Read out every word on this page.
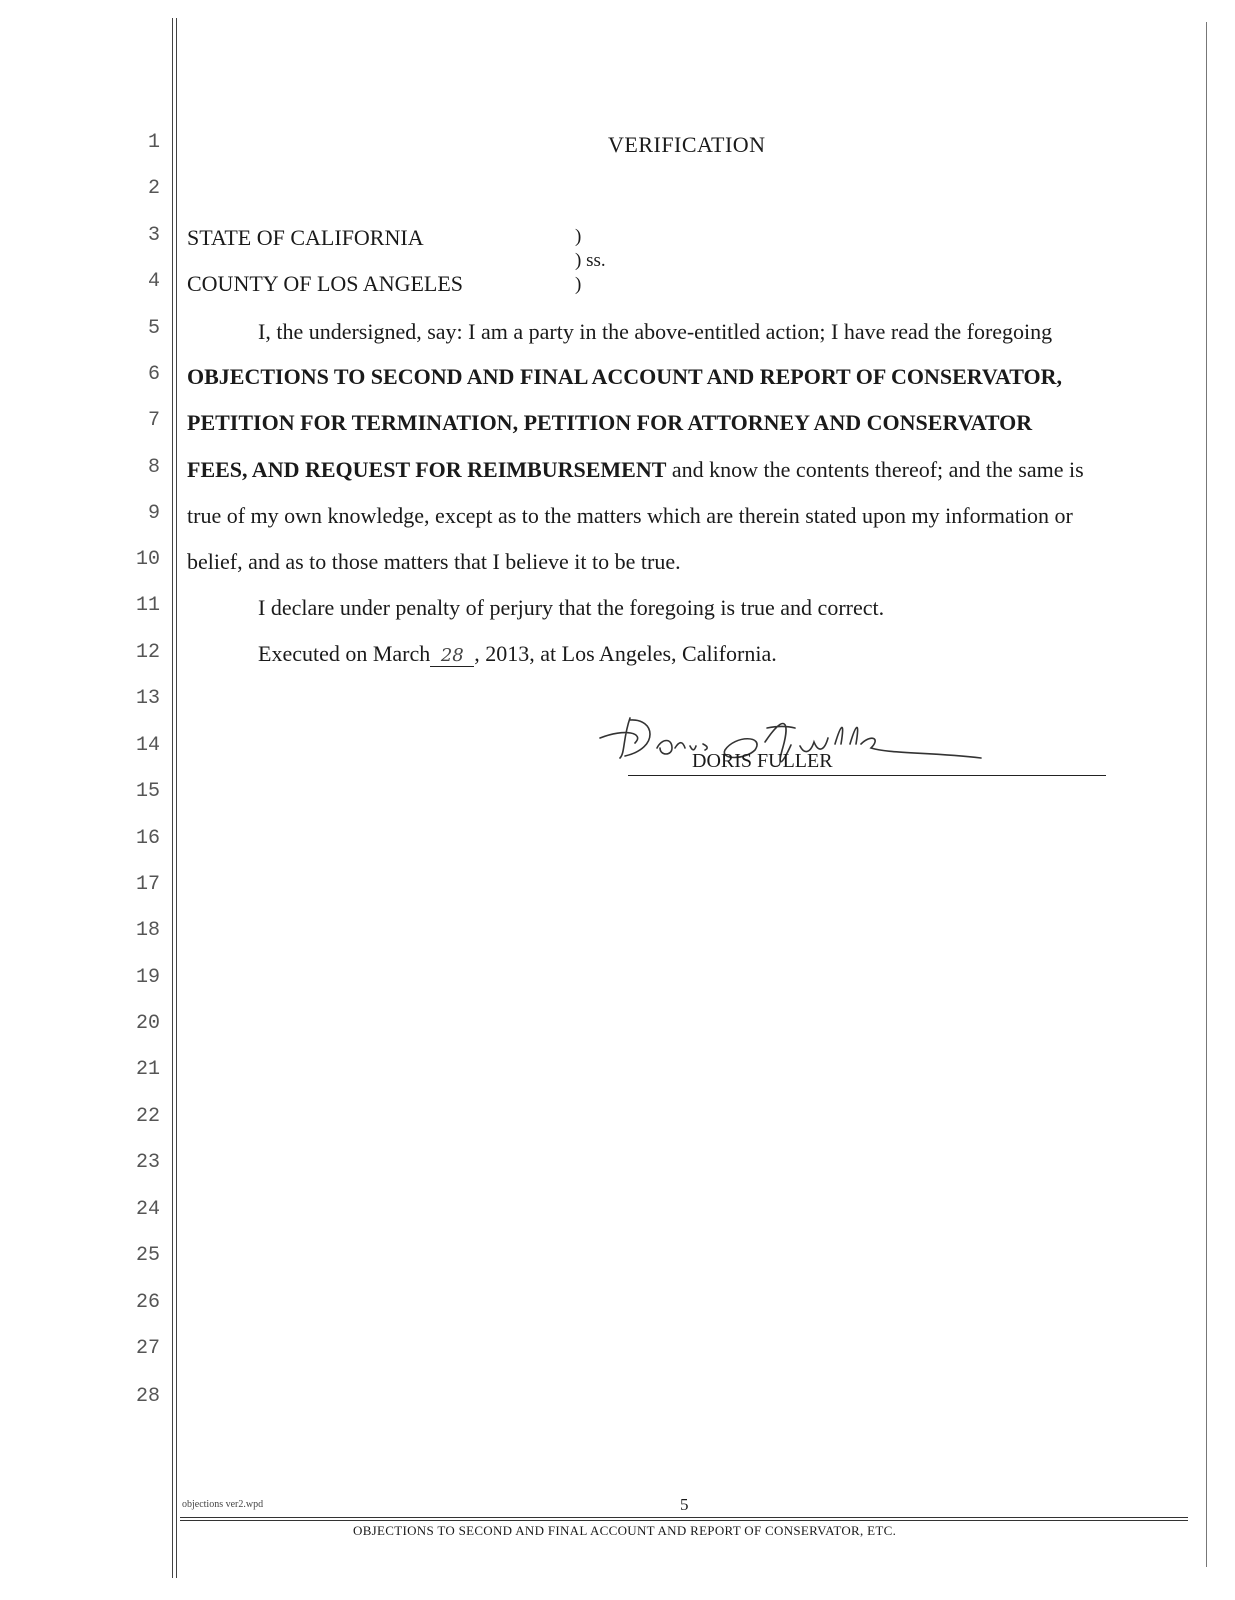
1
2
3
4
5
6
7
8
9
10
11
12
13
14
15
16
17
18
19
20
21
22
23
24
25
26
27
28
VERIFICATION
STATE OF CALIFORNIA
COUNTY OF LOS ANGELES
)
) ss.
)
I, the undersigned, say: I am a party in the above-entitled action; I have read the foregoing
OBJECTIONS TO SECOND AND FINAL ACCOUNT AND REPORT OF CONSERVATOR,
PETITION FOR TERMINATION, PETITION FOR ATTORNEY AND CONSERVATOR
FEES, AND REQUEST FOR REIMBURSEMENT and know the contents thereof; and the same is
true of my own knowledge, except as to the matters which are therein stated upon my information or
belief, and as to those matters that I believe it to be true.
I declare under penalty of perjury that the foregoing is true and correct.
Executed on March 28 , 2013, at Los Angeles, California.
DORIS FULLER
objections ver2.wpd	5
OBJECTIONS TO SECOND AND FINAL ACCOUNT AND REPORT OF CONSERVATOR, ETC.
